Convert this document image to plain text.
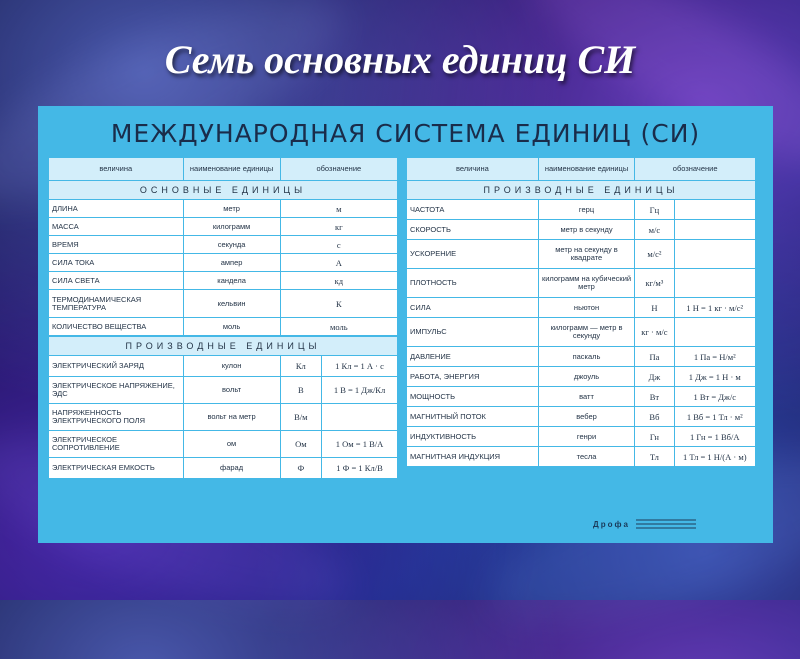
Семь основных единиц СИ
МЕЖДУНАРОДНАЯ СИСТЕМА ЕДИНИЦ (СИ)
величина	наименование единицы	обозначение
ОСНОВНЫЕ ЕДИНИЦЫ		
ДЛИНА	метр	м
МАССА	килограмм	кг
ВРЕМЯ	секунда	с
СИЛА ТОКА	ампер	А
СИЛА СВЕТА	кандела	кд
ТЕРМОДИНАМИЧЕСКАЯ ТЕМПЕРАТУРА	кельвин	К
КОЛИЧЕСТВО ВЕЩЕСТВА	моль	моль
ПРОИЗВОДНЫЕ ЕДИНИЦЫ			
ЭЛЕКТРИЧЕСКИЙ ЗАРЯД	кулон	Кл	1 Кл = 1 А · с
ЭЛЕКТРИЧЕСКОЕ НАПРЯЖЕНИЕ, ЭДС	вольт	В	1 В = 1 Дж/Кл
НАПРЯЖЕННОСТЬ ЭЛЕКТРИЧЕСКОГО ПОЛЯ	вольт на метр	В/м	
ЭЛЕКТРИЧЕСКОЕ СОПРОТИВЛЕНИЕ	ом	Ом	1 Ом = 1 В/А
ЭЛЕКТРИЧЕСКАЯ ЕМКОСТЬ	фарад	Ф	1 Ф = 1 Кл/В
величина	наименование единицы	обозначение	
ПРОИЗВОДНЫЕ ЕДИНИЦЫ			
ЧАСТОТА	герц	Гц	
СКОРОСТЬ	метр в секунду	м/с	
УСКОРЕНИЕ	метр на секунду в квадрате	м/с²	
ПЛОТНОСТЬ	килограмм на кубический метр	кг/м³	
СИЛА	ньютон	Н	1 Н = 1 кг · м/с²
ИМПУЛЬС	килограмм — метр в секунду	кг · м/с	
ДАВЛЕНИЕ	паскаль	Па	1 Па = Н/м²
РАБОТА, ЭНЕРГИЯ	джоуль	Дж	1 Дж = 1 Н · м
МОЩНОСТЬ	ватт	Вт	1 Вт = Дж/с
МАГНИТНЫЙ ПОТОК	вебер	Вб	1 Вб = 1 Тл · м²
ИНДУКТИВНОСТЬ	генри	Гн	1 Гн = 1 Вб/А
МАГНИТНАЯ ИНДУКЦИЯ	тесла	Тл	1 Тл = 1 Н/(А · м)
Дрофа
